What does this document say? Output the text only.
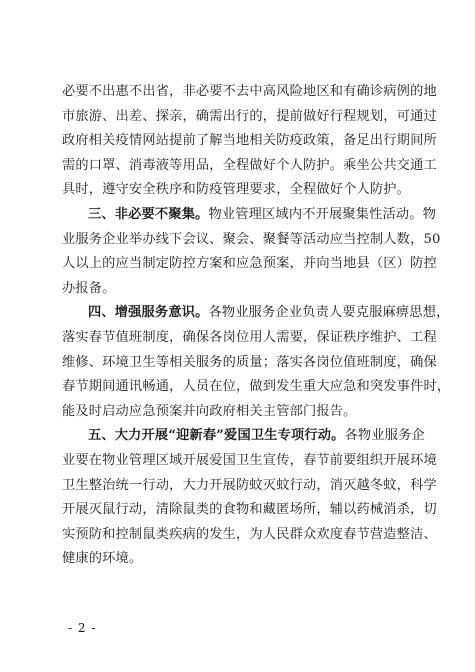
必要不出惠不出省，非必要不去中高风险地区和有确诊病例的地
市旅游、出差、探亲，确需出行的，提前做好行程规划，可通过
政府相关疫情网站提前了解当地相关防疫政策，备足出行期间所
需的口罩、消毒液等用品，全程做好个人防护。乘坐公共交通工
具时，遵守安全秩序和防疫管理要求，全程做好个人防护。
三、非必要不聚集。物业管理区域内不开展聚集性活动。物
业服务企业举办线下会议、聚会、聚餐等活动应当控制人数，50
人以上的应当制定防控方案和应急预案，并向当地县（区）防控
办报备。
四、增强服务意识。各物业服务企业负责人要克服麻痹思想，
落实春节值班制度，确保各岗位用人需要，保证秩序维护、工程
维修、环境卫生等相关服务的质量；落实各岗位值班制度，确保
春节期间通讯畅通，人员在位，做到发生重大应急和突发事件时，
能及时启动应急预案并向政府相关主管部门报告。
五、大力开展“迎新春”爱国卫生专项行动。各物业服务企
业要在物业管理区域开展爱国卫生宣传，春节前要组织开展环境
卫生整治统一行动，大力开展防蚊灭蚊行动，消灭越冬蚊，科学
开展灭鼠行动，清除鼠类的食物和藏匿场所，辅以药械消杀，切
实预防和控制鼠类疾病的发生，为人民群众欢度春节营造整洁、
健康的环境。
- 2 -
